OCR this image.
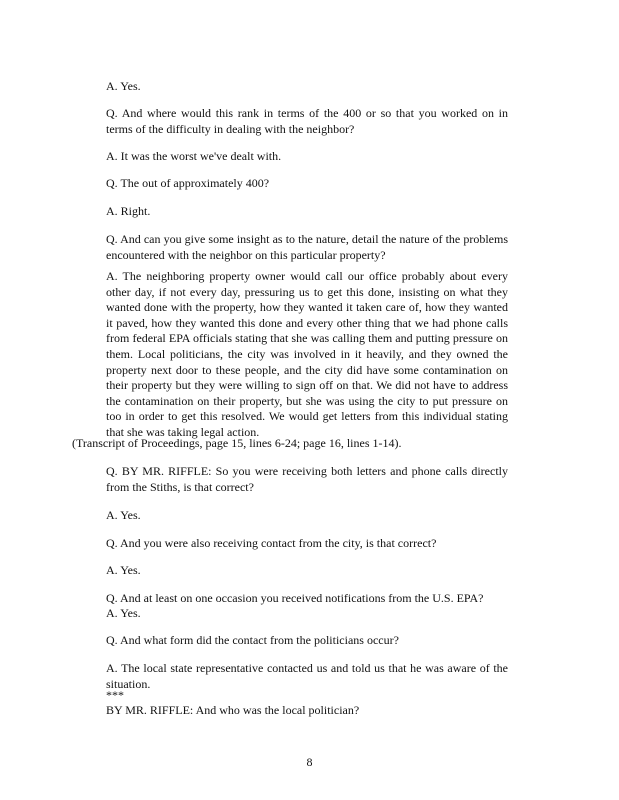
A. Yes.

Q. And where would this rank in terms of the 400 or so that you worked on in terms of the difficulty in dealing with the neighbor?

A. It was the worst we've dealt with.

Q. The out of approximately 400?

A. Right.

Q. And can you give some insight as to the nature, detail the nature of the problems encountered with the neighbor on this particular property?

A. The neighboring property owner would call our office probably about every other day, if not every day, pressuring us to get this done, insisting on what they wanted done with the property, how they wanted it taken care of, how they wanted it paved, how they wanted this done and every other thing that we had phone calls from federal EPA officials stating that she was calling them and putting pressure on them. Local politicians, the city was involved in it heavily, and they owned the property next door to these people, and the city did have some contamination on their property but they were willing to sign off on that. We did not have to address the contamination on their property, but she was using the city to put pressure on too in order to get this resolved. We would get letters from this individual stating that she was taking legal action.

(Transcript of Proceedings, page 15, lines 6-24; page 16, lines 1-14).

Q. BY MR. RIFFLE: So you were receiving both letters and phone calls directly from the Stiths, is that correct?

A. Yes.

Q. And you were also receiving contact from the city, is that correct?

A. Yes.

Q. And at least on one occasion you received notifications from the U.S. EPA?

A. Yes.

Q. And what form did the contact from the politicians occur?

A. The local state representative contacted us and told us that he was aware of the situation.

***

BY MR. RIFFLE: And who was the local politician?

8
